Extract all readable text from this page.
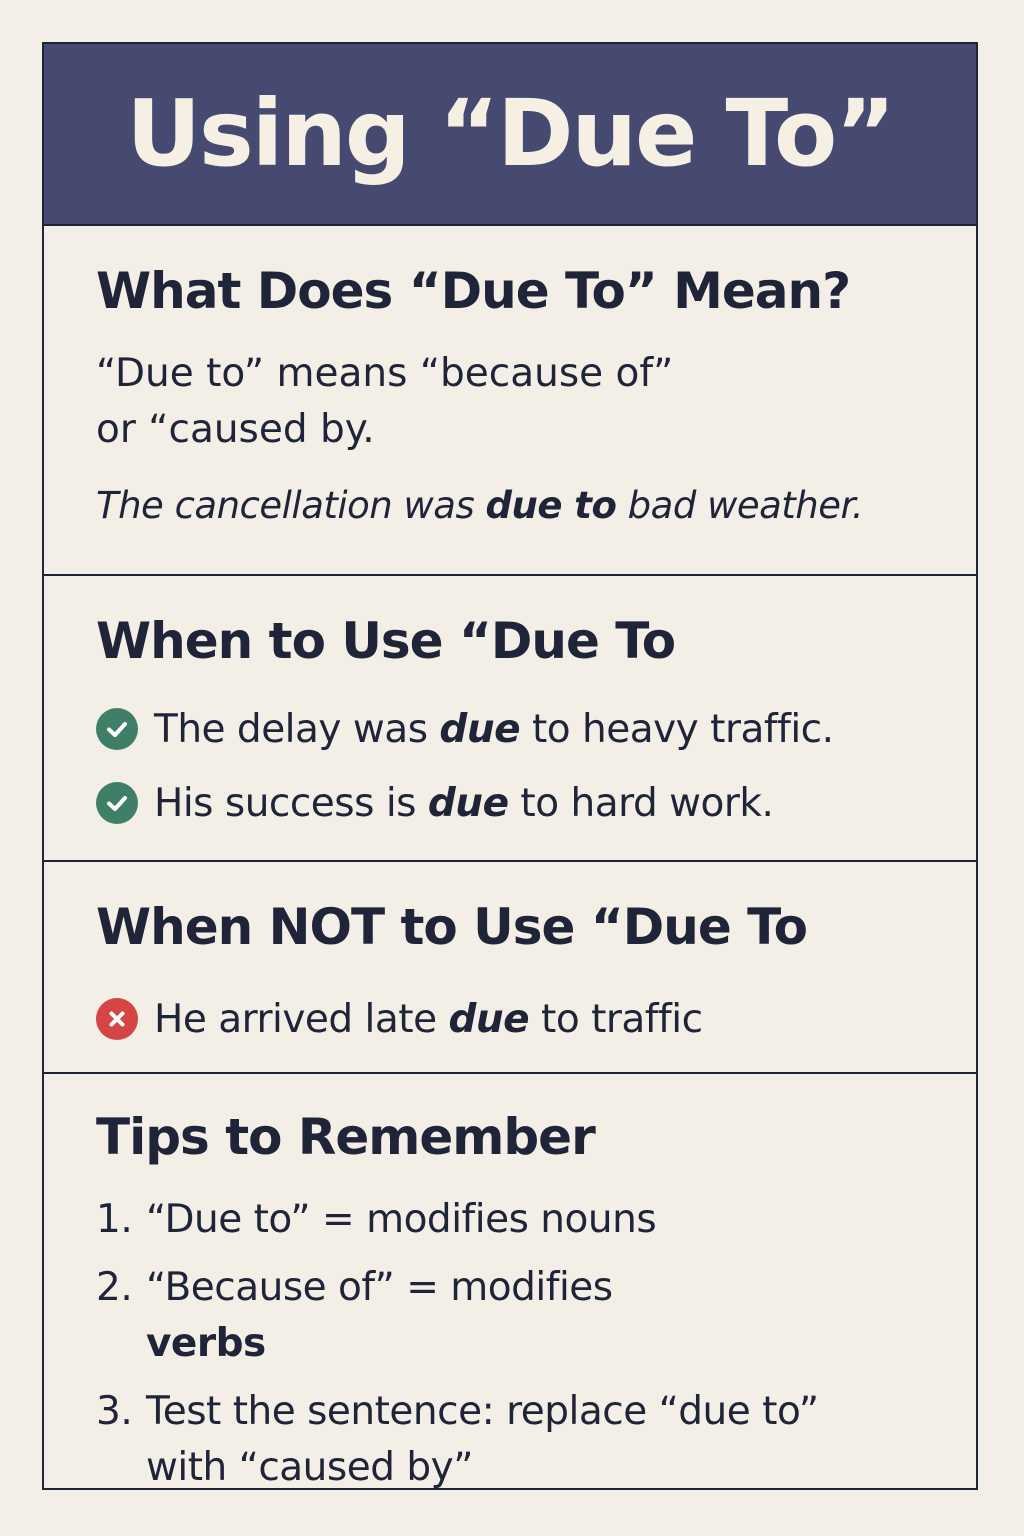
Using “Due To”
What Does “Due To” Mean?

“Due to” means “because of”
or “caused by.

The cancellation was due to bad weather.

When to Use “Due To
The delay was due to heavy traffic.
His success is due to hard work.
When NOT to Use “Due To
He arrived late due to traffic
Tips to Remember
1. “Due to” = modifies nouns
2. “Because of” = modifies
verbs
3. Test the sentence: replace “due to”
with “caused by”
